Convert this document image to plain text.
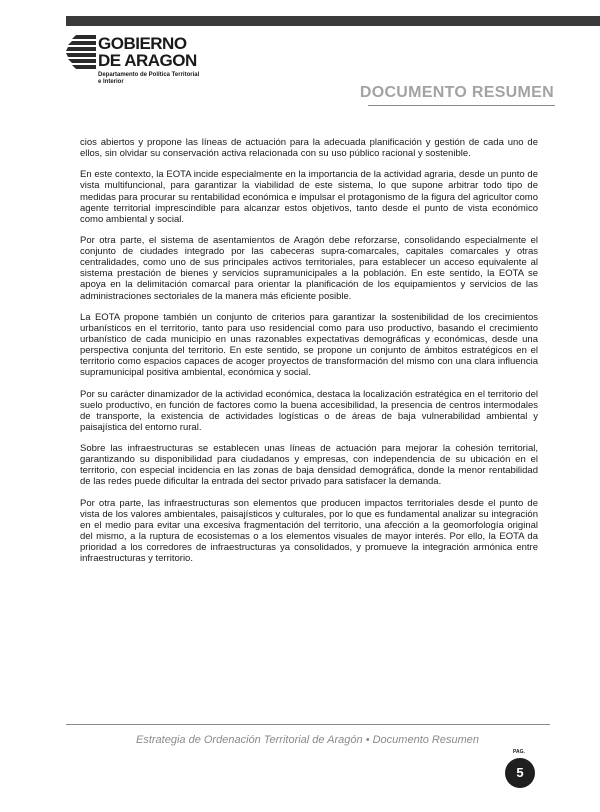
GOBIERNO
DE ARAGON
Departamento de Política Territorial
e Interior
DOCUMENTO RESUMEN

cios abiertos y propone las líneas de actuación para la adecuada planificación y gestión de cada uno de ellos, sin olvidar su conservación activa relacionada con su uso público racional y sostenible.

En este contexto, la EOTA incide especialmente en la importancia de la actividad agraria, desde un punto de vista multifuncional, para garantizar la viabilidad de este sistema, lo que supone arbitrar todo tipo de medidas para procurar su rentabilidad económica e impulsar el protagonismo de la figura del agricultor como agente territorial imprescindible para alcanzar estos objetivos, tanto desde el punto de vista económico como ambiental y social.

Por otra parte, el sistema de asentamientos de Aragón debe reforzarse, consolidando especialmente el conjunto de ciudades integrado por las cabeceras supra-comarcales, capitales comarcales y otras centralidades, como uno de sus principales activos territoriales, para establecer un acceso equivalente al sistema prestación de bienes y servicios supramunicipales a la población. En este sentido, la EOTA se apoya en la delimitación comarcal para orientar la planificación de los equipamientos y servicios de las administraciones sectoriales de la manera más eficiente posible.

La EOTA propone también un conjunto de criterios para garantizar la sostenibilidad de los crecimientos urbanísticos en el territorio, tanto para uso residencial como para uso productivo, basando el crecimiento urbanístico de cada municipio en unas razonables expectativas demográficas y económicas, desde una perspectiva conjunta del territorio. En este sentido, se propone un conjunto de ámbitos estratégicos en el territorio como espacios capaces de acoger proyectos de transformación del mismo con una clara influencia supramunicipal positiva ambiental, económica y social.

Por su carácter dinamizador de la actividad económica, destaca la localización estratégica en el territorio del suelo productivo, en función de factores como la buena accesibilidad, la presencia de centros intermodales de transporte, la existencia de actividades logísticas o de áreas de baja vulnerabilidad ambiental y paisajística del entorno rural.

Sobre las infraestructuras se establecen unas líneas de actuación para mejorar la cohesión territorial, garantizando su disponibilidad para ciudadanos y empresas, con independencia de su ubicación en el territorio, con especial incidencia en las zonas de baja densidad demográfica, donde la menor rentabilidad de las redes puede dificultar la entrada del sector privado para satisfacer la demanda.

Por otra parte, las infraestructuras son elementos que producen impactos territoriales desde el punto de vista de los valores ambientales, paisajísticos y culturales, por lo que es fundamental analizar su integración en el medio para evitar una excesiva fragmentación del territorio, una afección a la geomorfología original del mismo, a la ruptura de ecosistemas o a los elementos visuales de mayor interés. Por ello, la EOTA da prioridad a los corredores de infraestructuras ya consolidados, y promueve la integración armónica entre infraestructuras y territorio.

Estrategia de Ordenación Territorial de Aragón • Documento Resumen
PAG.
5
